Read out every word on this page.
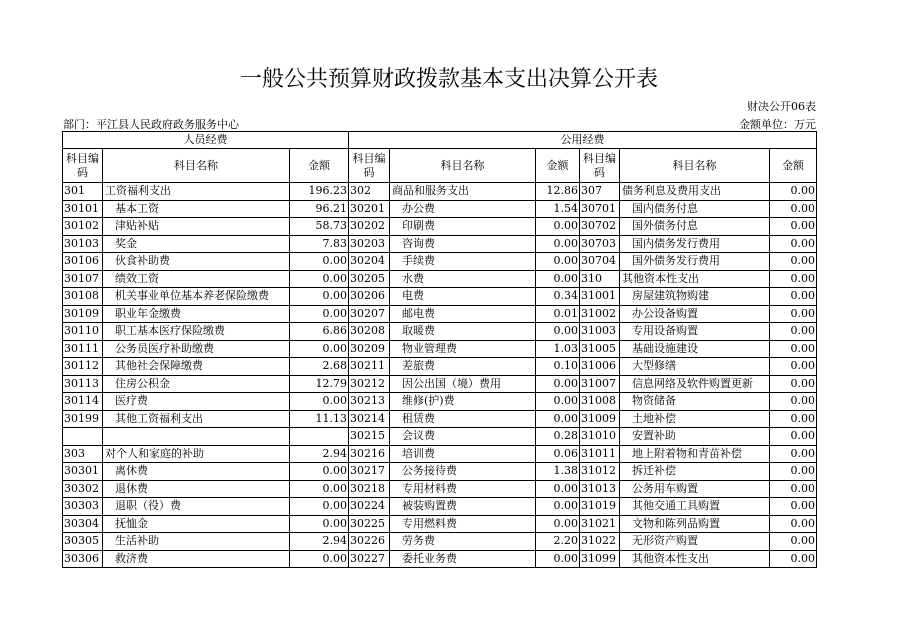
一般公共预算财政拨款基本支出决算公开表
财决公开06表
部门：平江县人民政府政务服务中心	金额单位：万元
人员经费			公用经费					
科目编码	科目名称	金额	科目编码	科目名称	金额	科目编码	科目名称	金额
301	工资福利支出	196.23	302	商品和服务支出	12.86	307	债务利息及费用支出	0.00
30101	基本工资	96.21	30201	办公费	1.54	30701	国内债务付息	0.00
30102	津贴补贴	58.73	30202	印刷费	0.00	30702	国外债务付息	0.00
30103	奖金	7.83	30203	咨询费	0.00	30703	国内债务发行费用	0.00
30106	伙食补助费	0.00	30204	手续费	0.00	30704	国外债务发行费用	0.00
30107	绩效工资	0.00	30205	水费	0.00	310	其他资本性支出	0.00
30108	机关事业单位基本养老保险缴费	0.00	30206	电费	0.34	31001	房屋建筑物购建	0.00
30109	职业年金缴费	0.00	30207	邮电费	0.01	31002	办公设备购置	0.00
30110	职工基本医疗保险缴费	6.86	30208	取暖费	0.00	31003	专用设备购置	0.00
30111	公务员医疗补助缴费	0.00	30209	物业管理费	1.03	31005	基础设施建设	0.00
30112	其他社会保障缴费	2.68	30211	差旅费	0.10	31006	大型修缮	0.00
30113	住房公积金	12.79	30212	因公出国（境）费用	0.00	31007	信息网络及软件购置更新	0.00
30114	医疗费	0.00	30213	维修(护)费	0.00	31008	物资储备	0.00
30199	其他工资福利支出	11.13	30214	租赁费	0.00	31009	土地补偿	0.00
			30215	会议费	0.28	31010	安置补助	0.00
303	对个人和家庭的补助	2.94	30216	培训费	0.06	31011	地上附着物和青苗补偿	0.00
30301	离休费	0.00	30217	公务接待费	1.38	31012	拆迁补偿	0.00
30302	退休费	0.00	30218	专用材料费	0.00	31013	公务用车购置	0.00
30303	退职（役）费	0.00	30224	被装购置费	0.00	31019	其他交通工具购置	0.00
30304	抚恤金	0.00	30225	专用燃料费	0.00	31021	文物和陈列品购置	0.00
30305	生活补助	2.94	30226	劳务费	2.20	31022	无形资产购置	0.00
30306	救济费	0.00	30227	委托业务费	0.00	31099	其他资本性支出	0.00
